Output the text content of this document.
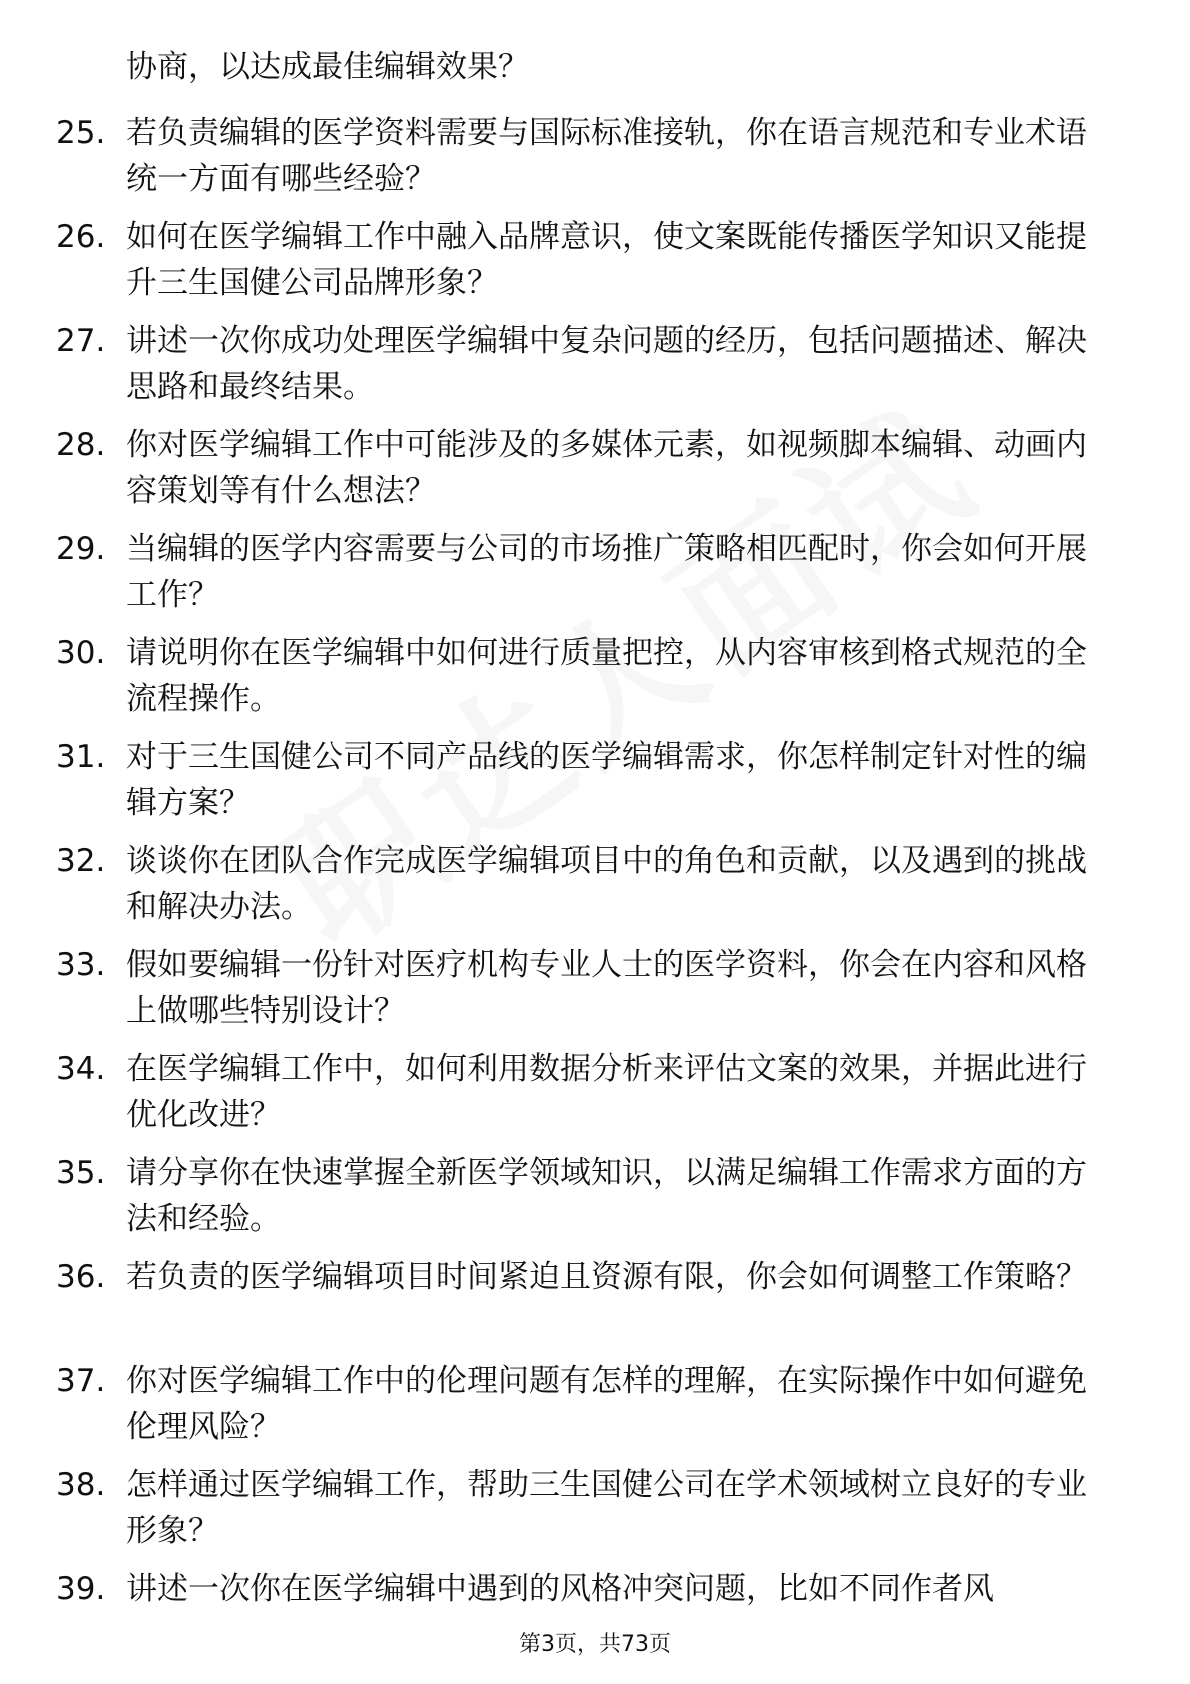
协商，以达成最佳编辑效果？
25. 若负责编辑的医学资料需要与国际标准接轨，你在语言规范和专业术语统一方面有哪些经验？
26. 如何在医学编辑工作中融入品牌意识，使文案既能传播医学知识又能提升三生国健公司品牌形象？
27. 讲述一次你成功处理医学编辑中复杂问题的经历，包括问题描述、解决思路和最终结果。
28. 你对医学编辑工作中可能涉及的多媒体元素，如视频脚本编辑、动画内容策划等有什么想法？
29. 当编辑的医学内容需要与公司的市场推广策略相匹配时，你会如何开展工作？
30. 请说明你在医学编辑中如何进行质量把控，从内容审核到格式规范的全流程操作。
31. 对于三生国健公司不同产品线的医学编辑需求，你怎样制定针对性的编辑方案？
32. 谈谈你在团队合作完成医学编辑项目中的角色和贡献，以及遇到的挑战和解决办法。
33. 假如要编辑一份针对医疗机构专业人士的医学资料，你会在内容和风格上做哪些特别设计？
34. 在医学编辑工作中，如何利用数据分析来评估文案的效果，并据此进行优化改进？
35. 请分享你在快速掌握全新医学领域知识，以满足编辑工作需求方面的方法和经验。
36. 若负责的医学编辑项目时间紧迫且资源有限，你会如何调整工作策略？
37. 你对医学编辑工作中的伦理问题有怎样的理解，在实际操作中如何避免伦理风险？
38. 怎样通过医学编辑工作，帮助三生国健公司在学术领域树立良好的专业形象？
39. 讲述一次你在医学编辑中遇到的风格冲突问题，比如不同作者风
第3页，共73页
